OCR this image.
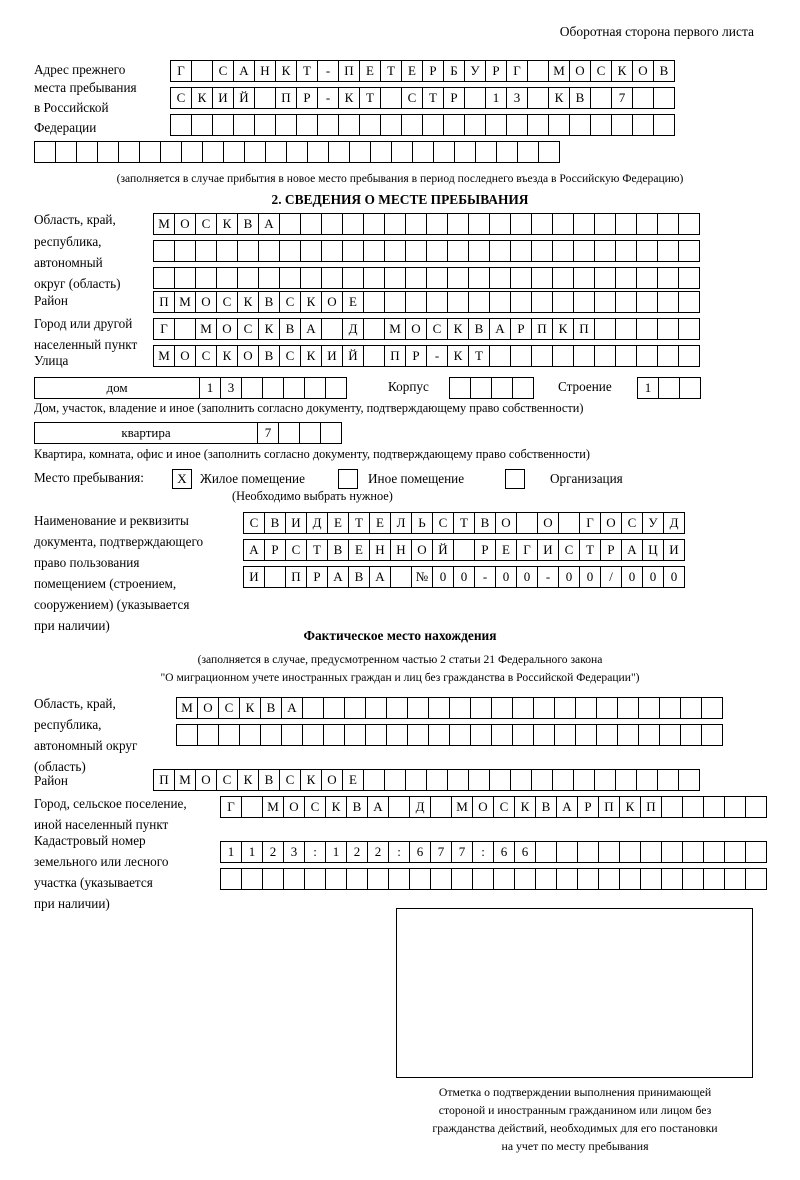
Оборотная сторона первого листа
Адрес прежнего
места пребывания
в Российской
Федерации
Г	С А Н К Т	-	П Е	Т	Е	Р	Б У Р	Г	М О С К О В
С К И Й	П Р	-	К Т	С Т	Р	1	3	К В	7
(заполняется в случае прибытия в новое место пребывания в период последнего въезда в Российскую Федерацию)
2. СВЕДЕНИЯ О МЕСТЕ ПРЕБЫВАНИЯ
Область, край,
республика,
автономный
округ (область)
М О С К В А
Район	П М О С К В С К О Е
Город или другой
населенный пункт
Г	М О С К В А	Д	М О С К В А Р П К П
Улица	М О С К О В С К И Й	П Р	-	К Т
дом	1	3	Корпус	Строение	1
Дом, участок, владение и иное (заполнить согласно документу, подтверждающему право собственности)
квартира	7
Квартира, комната, офис и иное (заполнить согласно документу, подтверждающему право собственности)
Место пребывания:	X	Жилое помещение	Иное помещение	Организация
(Необходимо выбрать нужное)
Наименование и реквизиты
документа, подтверждающего
право пользования
помещением (строением,
сооружением) (указывается
при наличии)
С В И Д Е	Т	Е Л Ь С Т В О	О	Г О С У Д
А Р	С Т В Е Н Н О Й	Р	Е	Г И С Т	Р А Ц И
И	П Р А В А	№ 0	0	-	0	0	-	0	0	/	0	0	0
Фактическое место нахождения
(заполняется в случае, предусмотренном частью 2 статьи 21 Федерального закона
"О миграционном учете иностранных граждан и лиц без гражданства в Российской Федерации")
Область, край,
республика,
автономный округ
(область)
М О С К В А
Район	П М О С К В С К О Е
Город, сельское поселение,
иной населенный пункт
Г	М О С К В А	Д	М О С К В А Р П К П
Кадастровый номер
земельного или лесного
участка (указывается
при наличии)
1	1	2	3	:	1	2	2	:	6	7	7	:	6	6
Отметка о подтверждении выполнения принимающей
стороной и иностранным гражданином или лицом без
гражданства действий, необходимых для его постановки
на учет по месту пребывания
